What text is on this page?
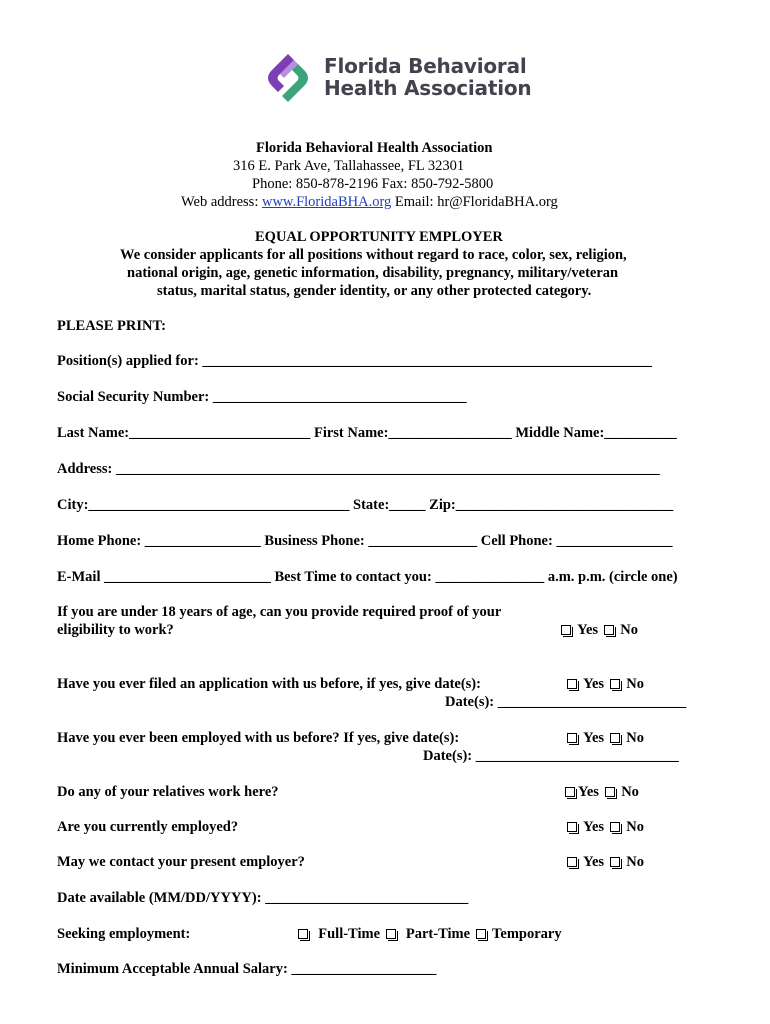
Florida Behavioral
Health Association
Florida Behavioral Health Association
316 E. Park Ave, Tallahassee, FL 32301
Phone: 850-878-2196 Fax: 850-792-5800
Web address: www.FloridaBHA.org Email: hr@FloridaBHA.org
EQUAL OPPORTUNITY EMPLOYER
We consider applicants for all positions without regard to race, color, sex, religion,
national origin, age, genetic information, disability, pregnancy, military/veteran
status, marital status, gender identity, or any other protected category.
PLEASE PRINT:
Position(s) applied for: ______________________________________________________________
Social Security Number: ___________________________________
Last Name:_________________________ First Name:_________________ Middle Name:__________
Address: ___________________________________________________________________________
City:____________________________________ State:_____ Zip:______________________________
Home Phone: ________________ Business Phone: _______________ Cell Phone: ________________
E-Mail _______________________ Best Time to contact you: _______________ a.m. p.m. (circle one)
If you are under 18 years of age, can you provide required proof of your
eligibility to work?	Yes No
Have you ever filed an application with us before, if yes, give date(s):	Yes No
Date(s): __________________________
Have you ever been employed with us before? If yes, give date(s):	Yes No
Date(s): ____________________________
Do any of your relatives work here?	Yes No
Are you currently employed?	Yes No
May we contact your present employer?	Yes No
Date available (MM/DD/YYYY): ____________________________
Seeking employment:	Full-Time Part-Time Temporary
Minimum Acceptable Annual Salary: ____________________
